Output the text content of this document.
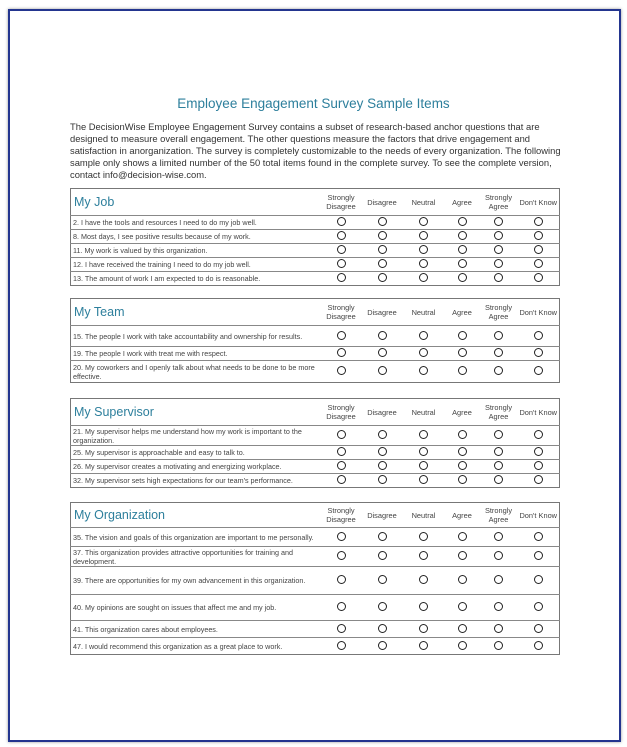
Employee Engagement Survey Sample Items
The DecisionWise Employee Engagement Survey contains a subset of research-based anchor questions that are designed to measure overall engagement. The other questions measure the factors that drive engagement and satisfaction in anorganization. The survey is completely customizable to the needs of every organization. The following sample only shows a limited number of the 50 total items found in the complete survey. To see the complete version, contact info@decision-wise.com.
My Job	Strongly Disagree	Disagree	Neutral	Agree	Strongly Agree	Don't Know
2. I have the tools and resources I need to do my job well.						
8. Most days, I see positive results because of my work.						
11. My work is valued by this organization.						
12. I have received the training I need to do my job well.						
13. The amount of work I am expected to do is reasonable.						
My Team	Strongly Disagree	Disagree	Neutral	Agree	Strongly Agree	Don't Know
15. The people I work with take accountability and ownership for results.						
19. The people I work with treat me with respect.						
20. My coworkers and I openly talk about what needs to be done to be more effective.						
My Supervisor	Strongly Disagree	Disagree	Neutral	Agree	Strongly Agree	Don't Know
21. My supervisor helps me understand how my work is important to the organization.						
25. My supervisor is approachable and easy to talk to.						
26. My supervisor creates a motivating and energizing workplace.						
32. My supervisor sets high expectations for our team's performance.						
My Organization	Strongly Disagree	Disagree	Neutral	Agree	Strongly Agree	Don't Know
35. The vision and goals of this organization are important to me personally.						
37. This organization provides attractive opportunities for training and development.						
39. There are opportunities for my own advancement in this organization.						
40. My opinions are sought on issues that affect me and my job.						
41. This organization cares about employees.						
47. I would recommend this organization as a great place to work.						
